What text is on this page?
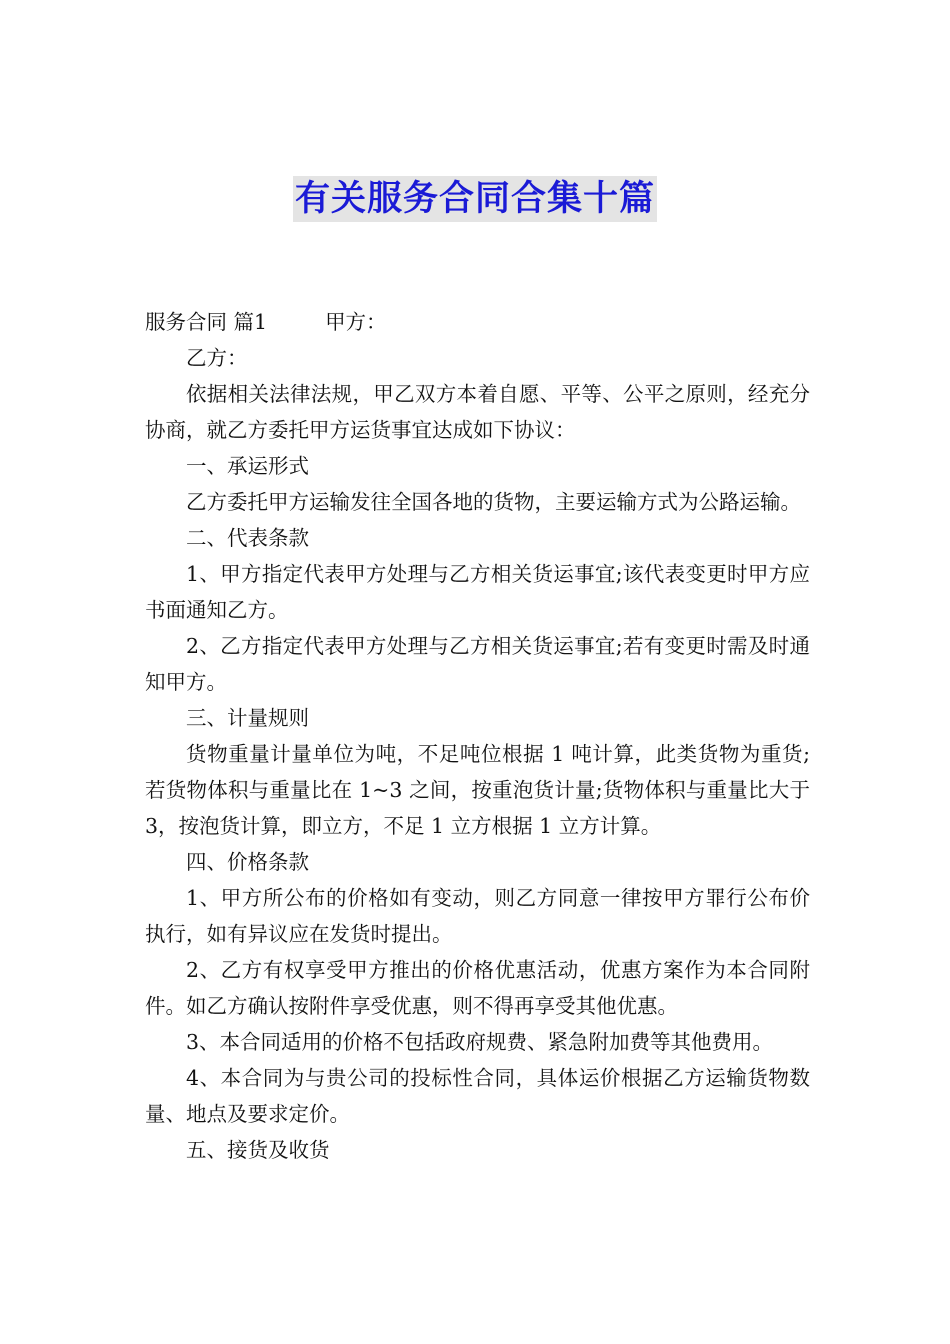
有关服务合同合集十篇

服务合同 篇1	甲方：

乙方：

依据相关法律法规，甲乙双方本着自愿、平等、公平之原则，经充分协商，就乙方委托甲方运货事宜达成如下协议：

一、承运形式

乙方委托甲方运输发往全国各地的货物，主要运输方式为公路运输。

二、代表条款

1、甲方指定代表甲方处理与乙方相关货运事宜;该代表变更时甲方应书面通知乙方。

2、乙方指定代表甲方处理与乙方相关货运事宜;若有变更时需及时通知甲方。

三、计量规则

货物重量计量单位为吨，不足吨位根据 1 吨计算，此类货物为重货;若货物体积与重量比在 1~3 之间，按重泡货计量;货物体积与重量比大于 3，按泡货计算，即立方，不足 1 立方根据 1 立方计算。

四、价格条款

1、甲方所公布的价格如有变动，则乙方同意一律按甲方罪行公布价执行，如有异议应在发货时提出。

2、乙方有权享受甲方推出的价格优惠活动，优惠方案作为本合同附件。如乙方确认按附件享受优惠，则不得再享受其他优惠。

3、本合同适用的价格不包括政府规费、紧急附加费等其他费用。

4、本合同为与贵公司的投标性合同，具体运价根据乙方运输货物数量、地点及要求定价。

五、接货及收货
